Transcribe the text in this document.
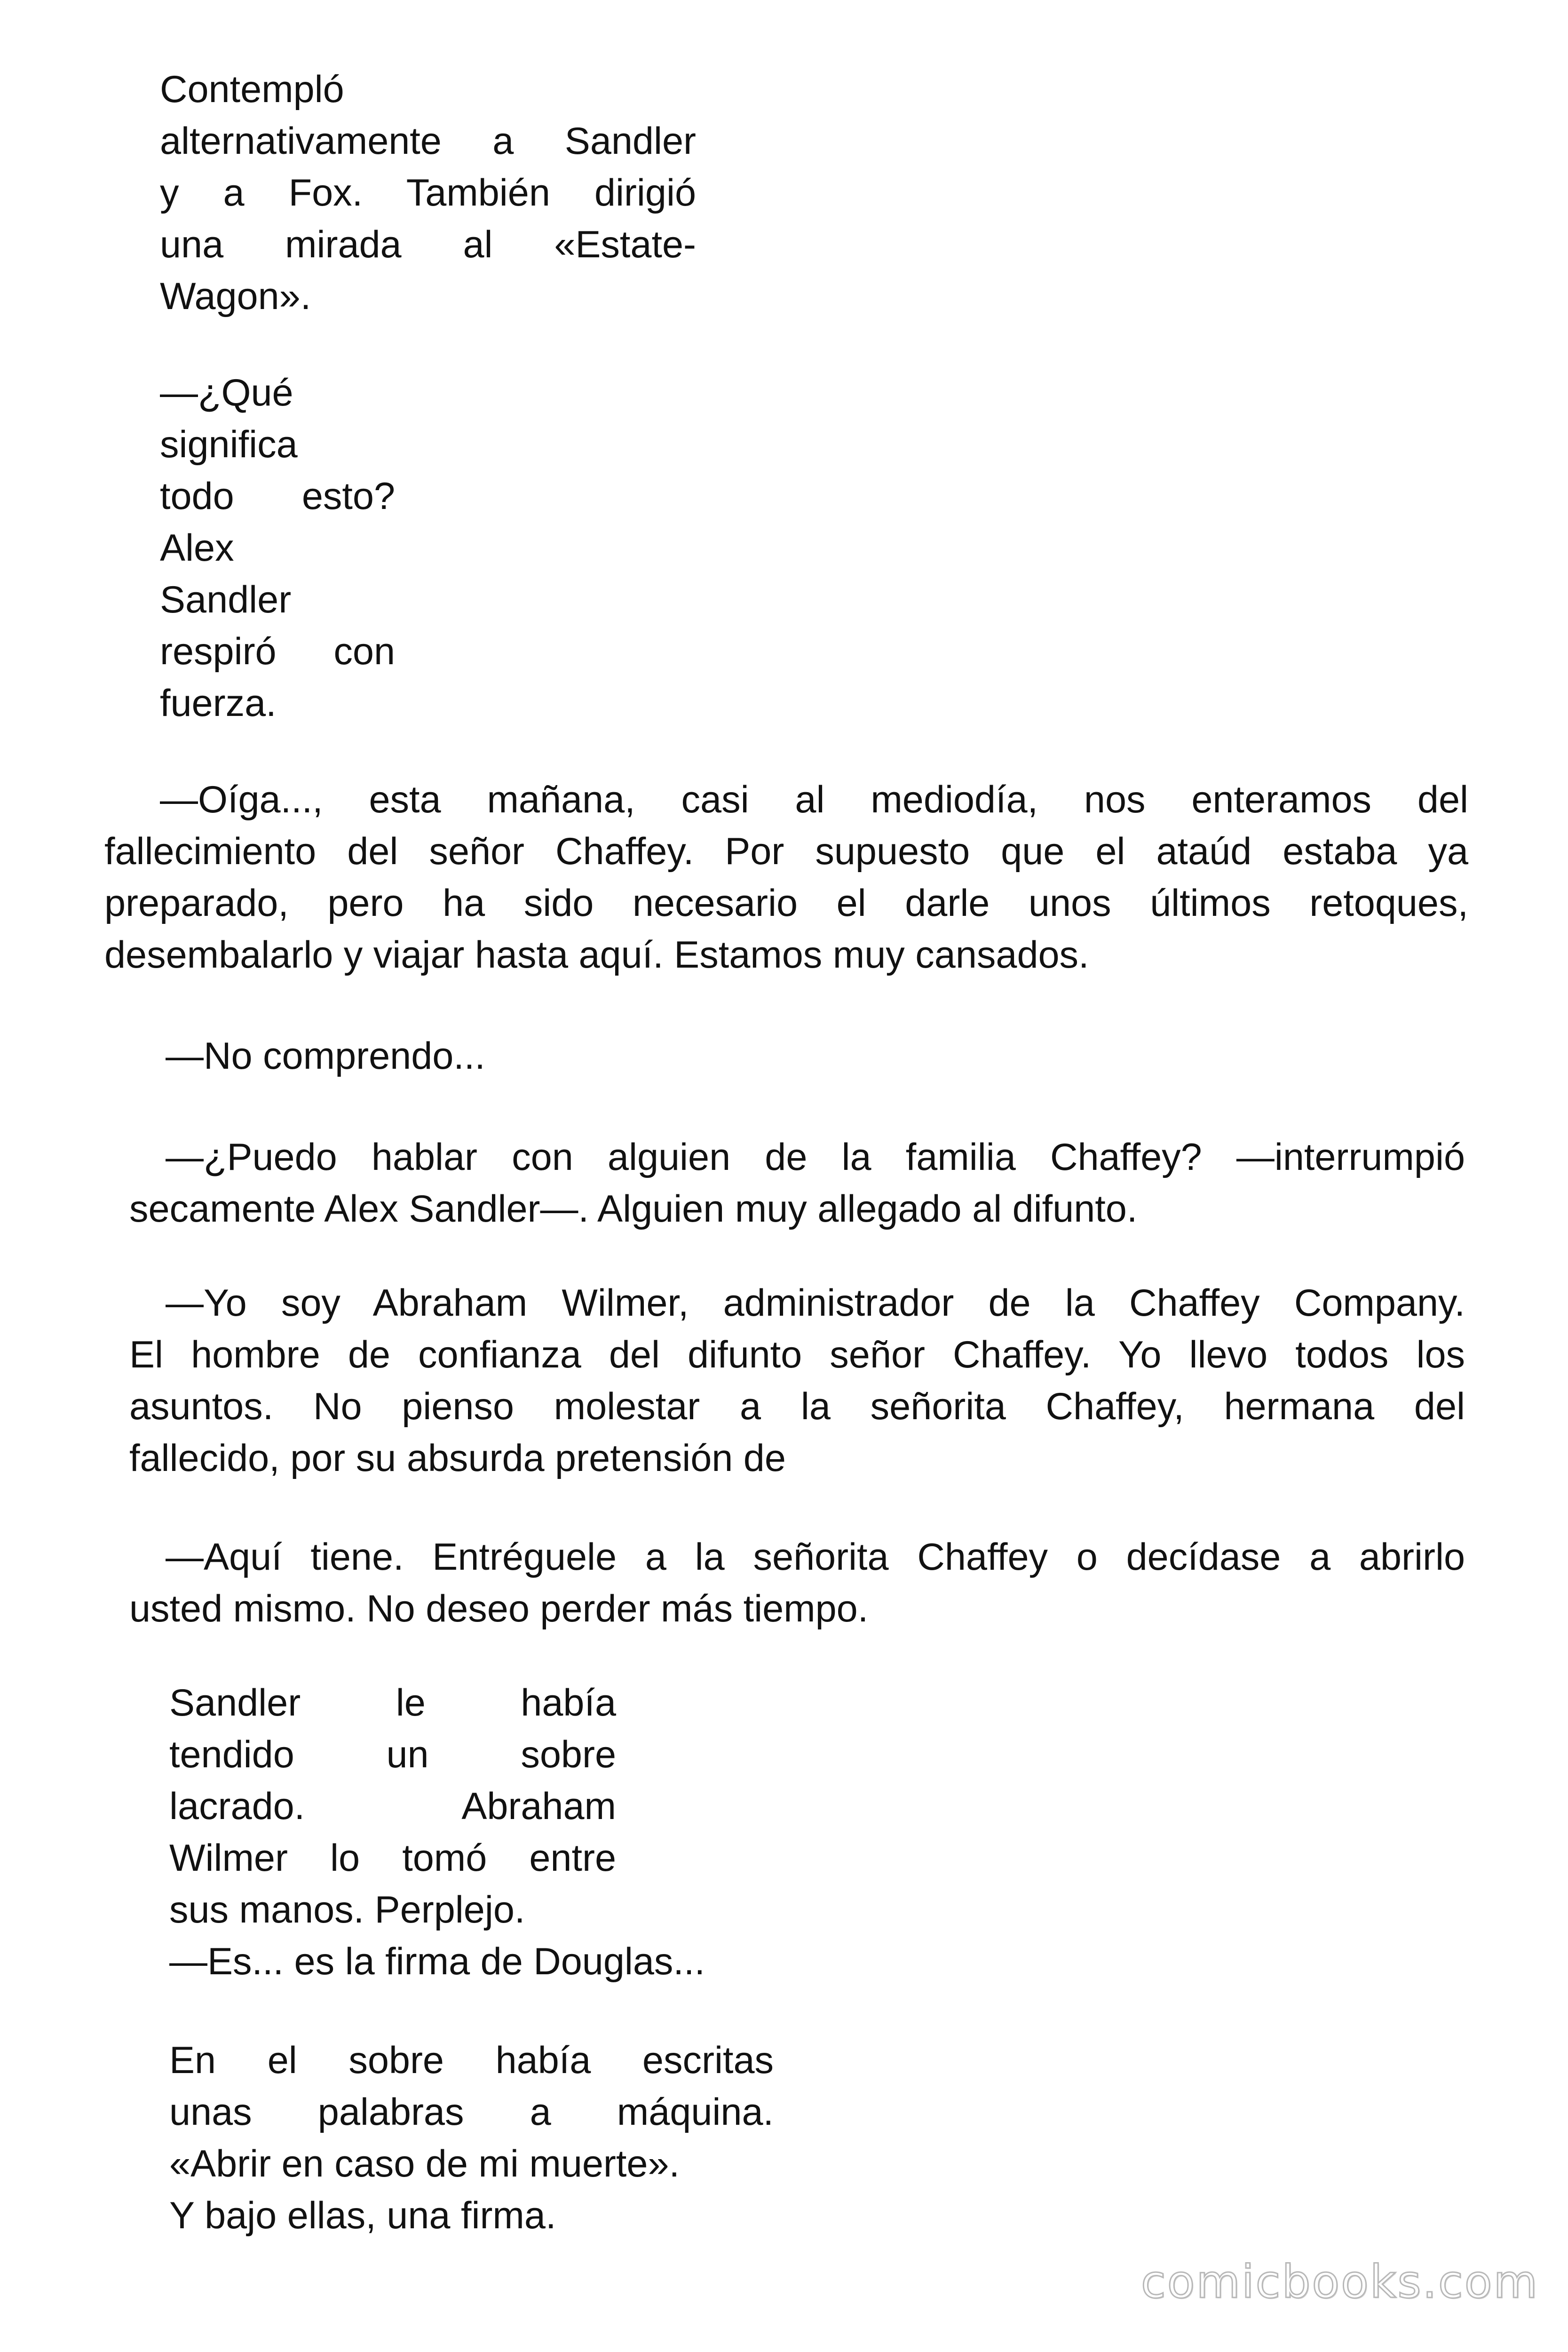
Contempló
alternativamente a Sandler
y a Fox. También dirigió
una mirada al «Estate-
Wagon».
—¿Qué
significa
todo esto?
Alex
Sandler
respiró con
fuerza.
—Oíga..., esta mañana, casi al mediodía, nos enteramos del
fallecimiento del señor Chaffey. Por supuesto que el ataúd estaba ya
preparado, pero ha sido necesario el darle unos últimos retoques,
desembalarlo y viajar hasta aquí. Estamos muy cansados.
—No comprendo...
—¿Puedo hablar con alguien de la familia Chaffey? —interrumpió
secamente Alex Sandler—. Alguien muy allegado al difunto.
—Yo soy Abraham Wilmer, administrador de la Chaffey Company.
El hombre de confianza del difunto señor Chaffey. Yo llevo todos los
asuntos. No pienso molestar a la señorita Chaffey, hermana del
fallecido, por su absurda pretensión de
—Aquí tiene. Entréguele a la señorita Chaffey o decídase a abrirlo
usted mismo. No deseo perder más tiempo.
Sandler le había
tendido un sobre
lacrado. Abraham
Wilmer lo tomó entre
sus manos. Perplejo.
—Es... es la firma de Douglas...
En el sobre había escritas
unas palabras a máquina.
«Abrir en caso de mi muerte».
Y bajo ellas, una firma.
comicbooks.com
